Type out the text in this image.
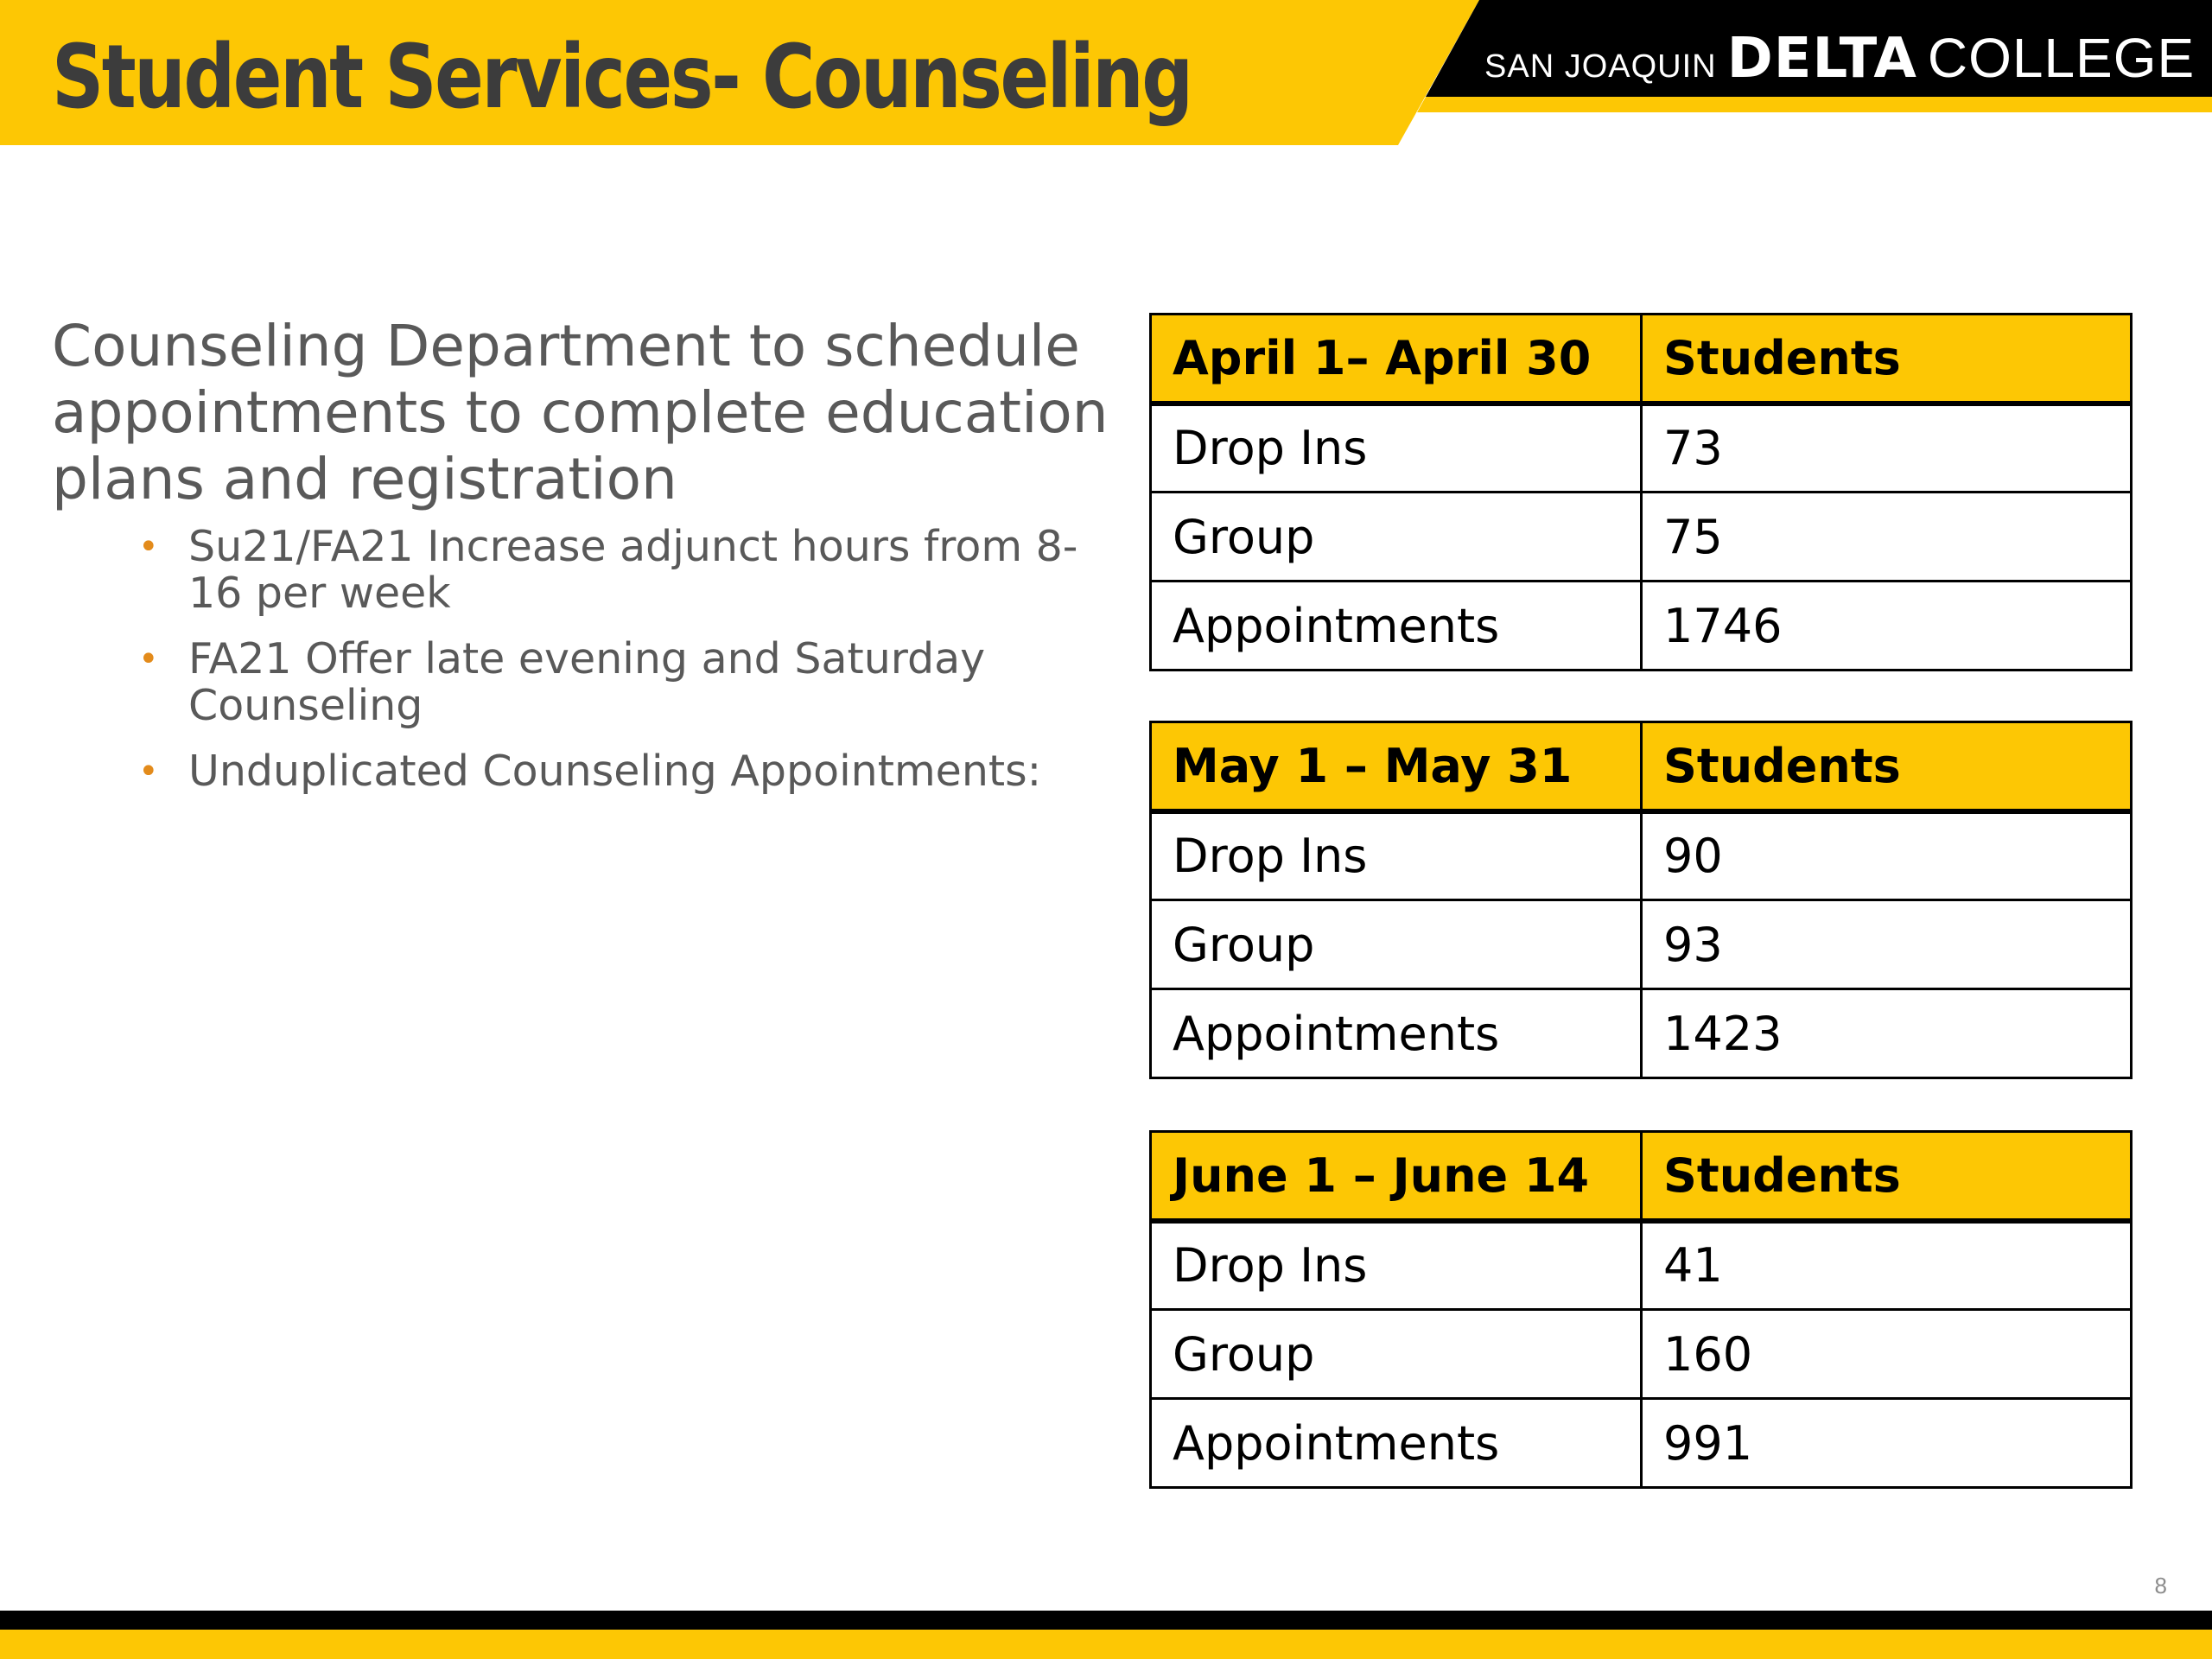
Student Services- Counseling	SAN JOAQUIN DELTA COLLEGE
Counseling Department to schedule appointments to complete education plans and registration
• Su21/FA21 Increase adjunct hours from 8-16 per week
• FA21 Offer late evening and Saturday Counseling
• Unduplicated Counseling Appointments:
April 1– April 30	Students
Drop Ins	73
Group	75
Appointments	1746
May 1 – May 31	Students
Drop Ins	90
Group	93
Appointments	1423
June 1 – June 14	Students
Drop Ins	41
Group	160
Appointments	991
8
